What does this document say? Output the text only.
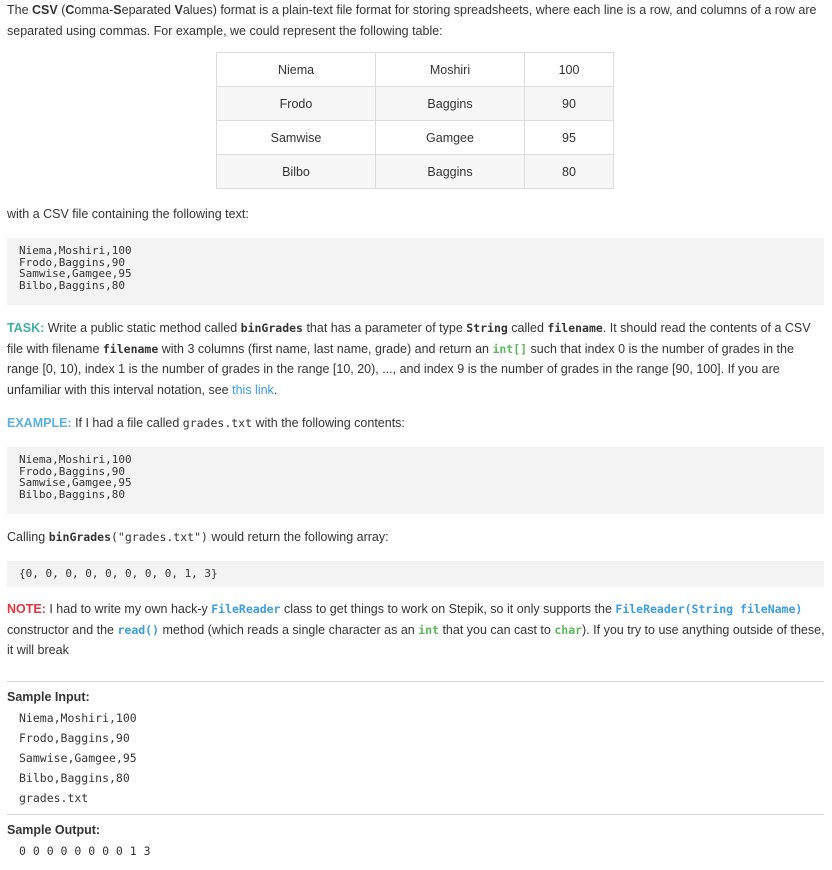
The CSV (Comma-Separated Values) format is a plain-text file format for storing spreadsheets, where each line is a row, and columns of a row are separated using commas. For example, we could represent the following table:

Niema	Moshiri	100
Frodo	Baggins	90
Samwise	Gamgee	95
Bilbo	Baggins	80

with a CSV file containing the following text:

Niema,Moshiri,100
Frodo,Baggins,90
Samwise,Gamgee,95
Bilbo,Baggins,80

TASK: Write a public static method called binGrades that has a parameter of type String called filename. It should read the contents of a CSV file with filename filename with 3 columns (first name, last name, grade) and return an int[] such that index 0 is the number of grades in the range [0, 10), index 1 is the number of grades in the range [10, 20), ..., and index 9 is the number of grades in the range [90, 100]. If you are unfamiliar with this interval notation, see this link.

EXAMPLE: If I had a file called grades.txt with the following contents:

Niema,Moshiri,100
Frodo,Baggins,90
Samwise,Gamgee,95
Bilbo,Baggins,80

Calling binGrades("grades.txt") would return the following array:

{0, 0, 0, 0, 0, 0, 0, 0, 1, 3}

NOTE: I had to write my own hack-y FileReader class to get things to work on Stepik, so it only supports the FileReader(String fileName) constructor and the read() method (which reads a single character as an int that you can cast to char). If you try to use anything outside of these, it will break

Sample Input:
Niema,Moshiri,100
Frodo,Baggins,90
Samwise,Gamgee,95
Bilbo,Baggins,80
grades.txt
Sample Output:
0 0 0 0 0 0 0 0 1 3
